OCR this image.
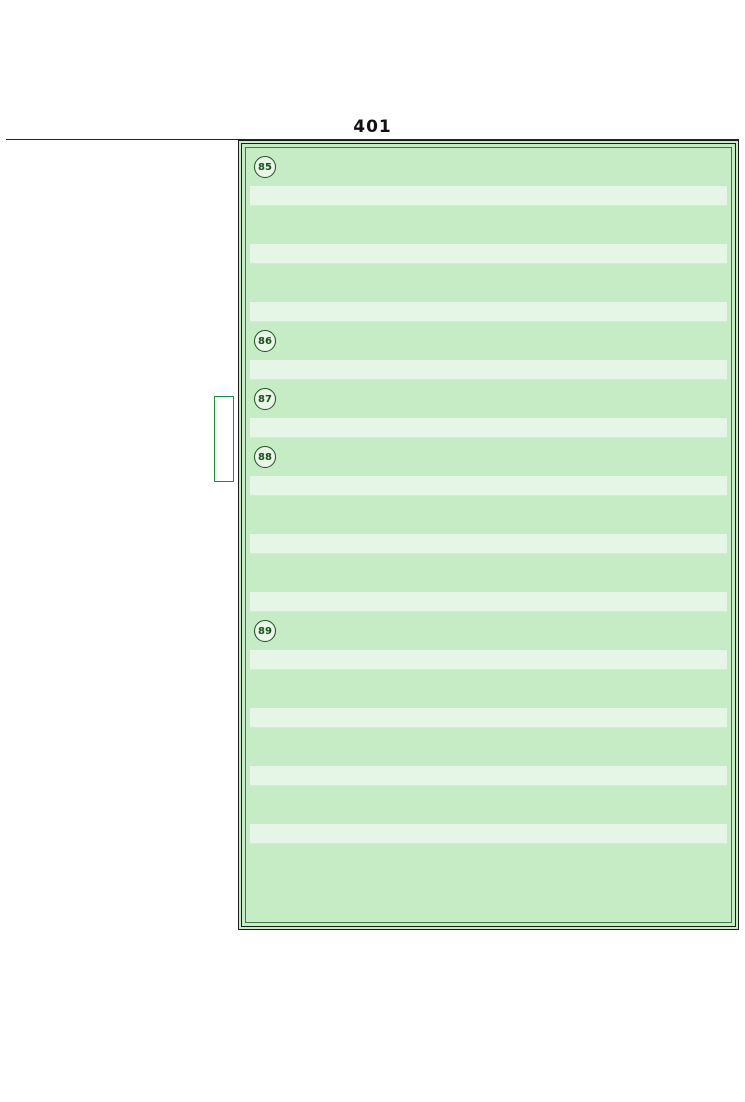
401

85
86
87
88
89
